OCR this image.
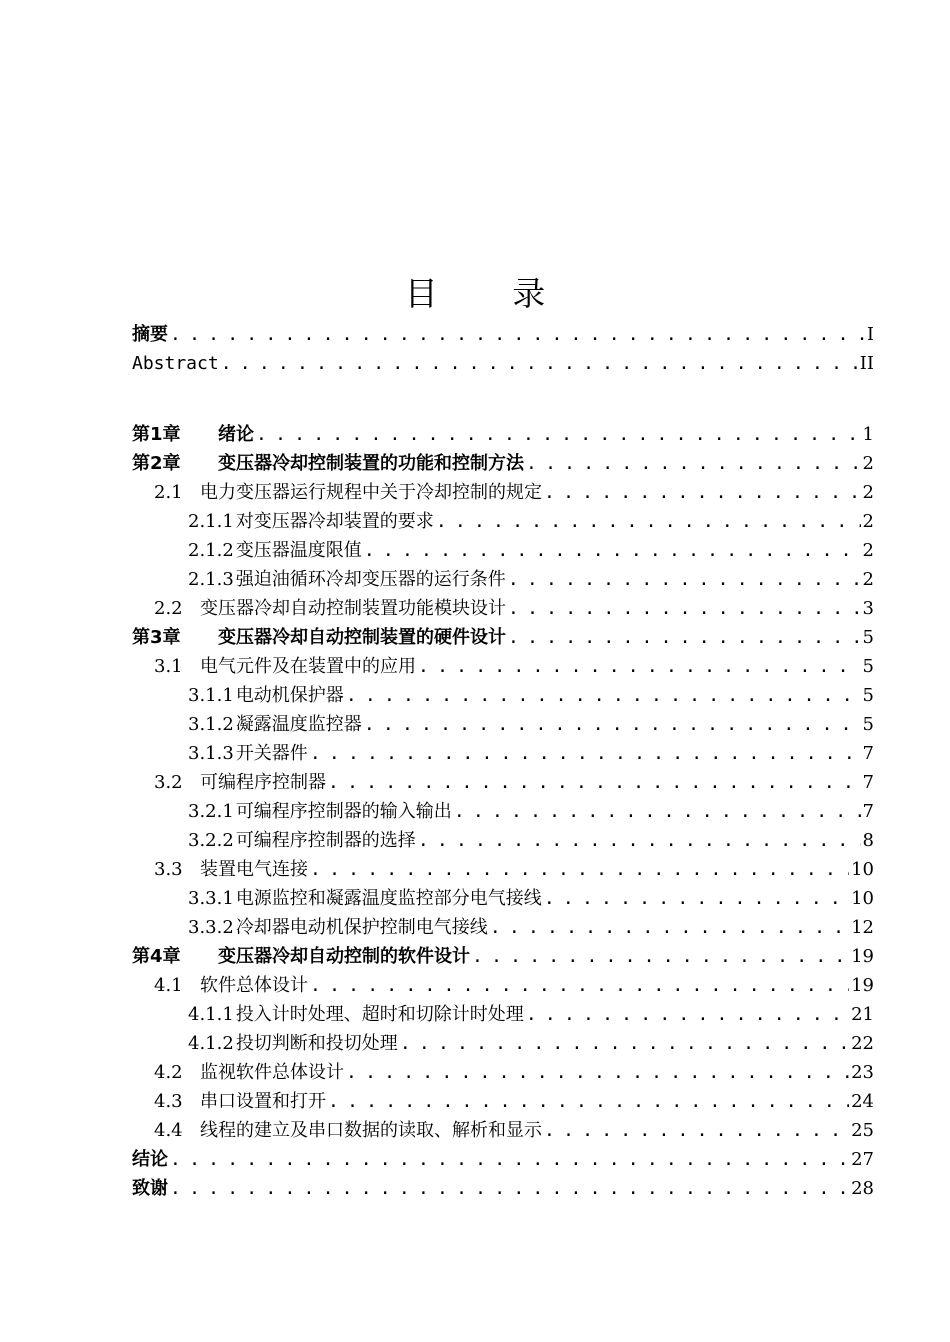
目 录
摘要 . . .	I
Abstract . . .	II
第1章 绪论 . . .	1
第2章 变压器冷却控制装置的功能和控制方法 . . .	2
2.1 电力变压器运行规程中关于冷却控制的规定 . . .	2
2.1.1 对变压器冷却装置的要求 . . .	2
2.1.2 变压器温度限值 . . .	2
2.1.3 强迫油循环冷却变压器的运行条件 . . .	2
2.2 变压器冷却自动控制装置功能模块设计 . . .	3
第3章 变压器冷却自动控制装置的硬件设计 . . .	5
3.1 电气元件及在装置中的应用 . . .	5
3.1.1 电动机保护器 . . .	5
3.1.2 凝露温度监控器 . . .	5
3.1.3 开关器件 . . .	7
3.2 可编程序控制器 . . .	7
3.2.1 可编程序控制器的输入输出 . . .	7
3.2.2 可编程序控制器的选择 . . .	8
3.3 装置电气连接 . . .	10
3.3.1 电源监控和凝露温度监控部分电气接线 . . .	10
3.3.2 冷却器电动机保护控制电气接线 . . .	12
第4章 变压器冷却自动控制的软件设计 . . .	19
4.1 软件总体设计 . . .	19
4.1.1 投入计时处理、超时和切除计时处理 . . .	21
4.1.2 投切判断和投切处理 . . .	22
4.2 监视软件总体设计 . . .	23
4.3 串口设置和打开 . . .	24
4.4 线程的建立及串口数据的读取、解析和显示 . . .	25
结论 . . .	27
致谢 . . .	28
